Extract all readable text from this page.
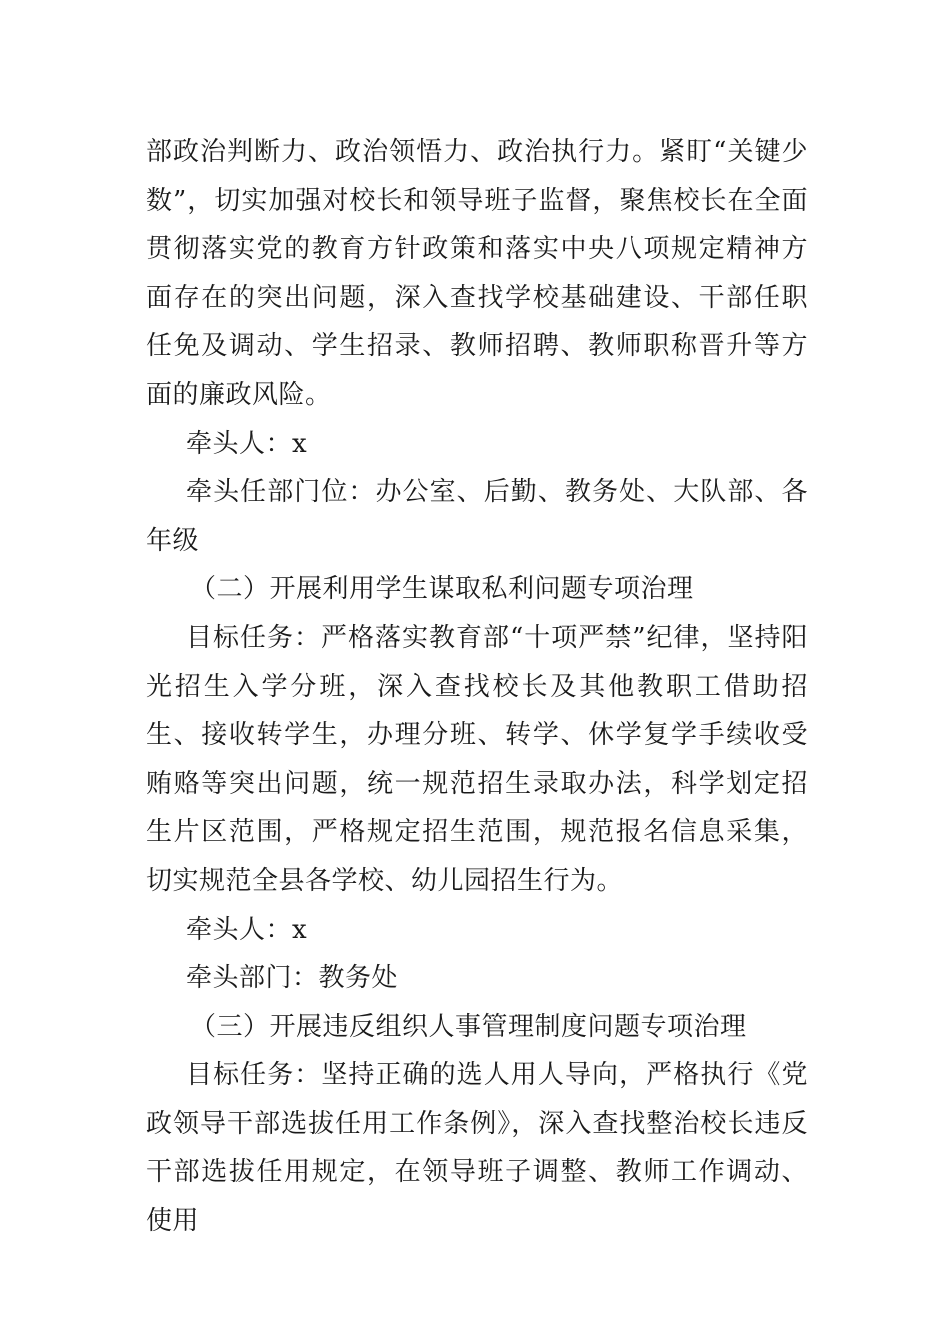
部政治判断力、政治领悟力、政治执行力。紧盯“关键少数”，切实加强对校长和领导班子监督，聚焦校长在全面贯彻落实党的教育方针政策和落实中央八项规定精神方面存在的突出问题，深入查找学校基础建设、干部任职任免及调动、学生招录、教师招聘、教师职称晋升等方面的廉政风险。

牵头人：x

牵头任部门位：办公室、后勤、教务处、大队部、各年级

（二）开展利用学生谋取私利问题专项治理

目标任务：严格落实教育部“十项严禁”纪律，坚持阳光招生入学分班，深入查找校长及其他教职工借助招生、接收转学生，办理分班、转学、休学复学手续收受贿赂等突出问题，统一规范招生录取办法，科学划定招生片区范围，严格规定招生范围，规范报名信息采集，切实规范全县各学校、幼儿园招生行为。

牵头人：x

牵头部门：教务处

（三）开展违反组织人事管理制度问题专项治理

目标任务：坚持正确的选人用人导向，严格执行《党政领导干部选拔任用工作条例》，深入查找整治校长违反干部选拔任用规定，在领导班子调整、教师工作调动、使用
